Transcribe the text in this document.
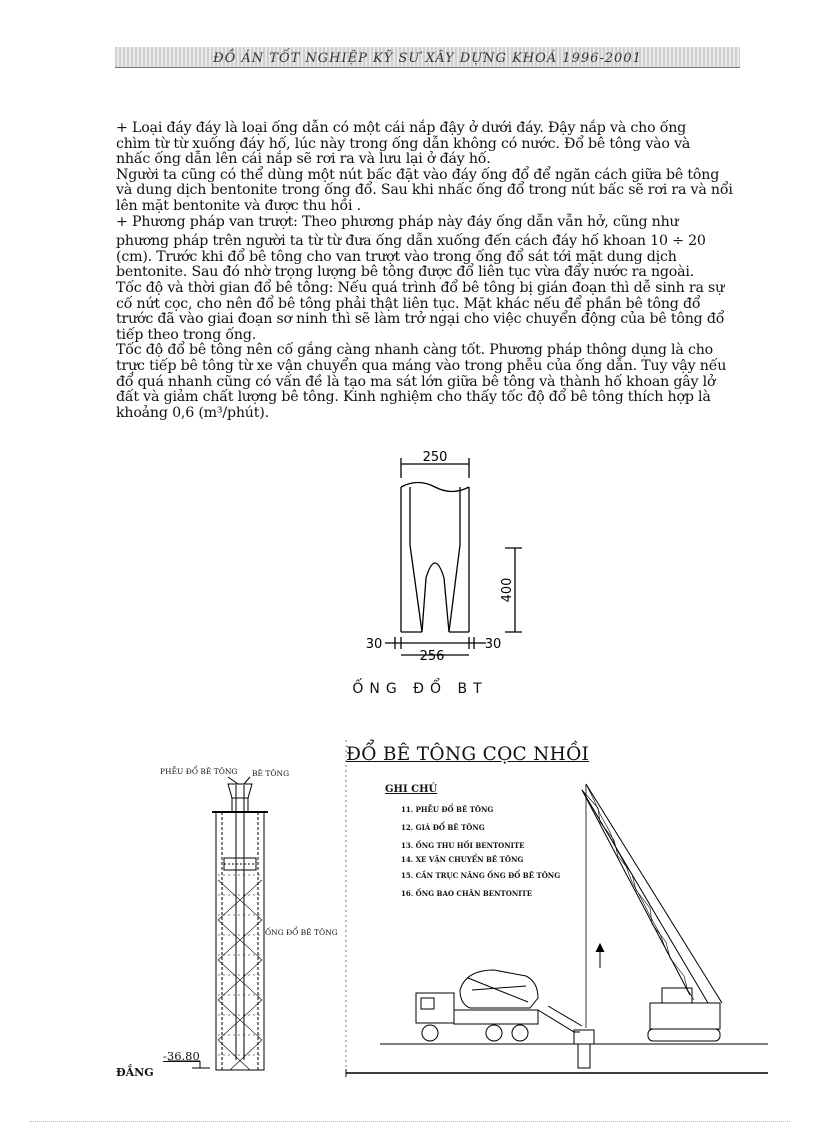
ĐỒ ÁN TỐT NGHIỆP KỸ SƯ XÂY DỰNG KHOÁ 1996-2001

+ Loại đáy đáy là loại ống dẫn có một cái nắp đậy ở dưới đáy. Đậy nắp và cho ống

chìm từ từ xuống đáy hố, lúc này trong ống dẫn không có nước. Đổ bê tông vào và

nhấc ống dẫn lên cái nắp sẽ rơi ra và lưu lại ở đáy hố.

Người ta cũng có thể dùng một nút bấc đặt vào đáy ống đổ để ngăn cách giữa bê tông

và dung dịch bentonite trong ống đổ. Sau khi nhấc ống đổ trong nút bấc sẽ rơi ra và nổi

lên mặt bentonite và được thu hồi .

+ Phương pháp van trượt: Theo phương pháp này đáy ống dẫn vẫn hở, cũng như

phương pháp trên người ta từ từ đưa ống dẫn xuống đến cách đáy hố khoan 10 ÷ 20

(cm). Trước khi đổ bê tông cho van trượt vào trong ống đổ sát tới mặt dung dịch

bentonite. Sau đó nhờ trọng lượng bê tông được đổ liên tục vừa đẩy nước ra ngoài.

Tốc độ và thời gian đổ bê tông: Nếu quá trình đổ bê tông bị gián đoạn thì dễ sinh ra sự

cố nứt cọc, cho nên đổ bê tông phải thật liên tục. Mặt khác nếu để phần bê tông đổ

trước đã vào giai đoạn sơ ninh thì sẽ làm trở ngại cho việc chuyển động của bê tông đổ

tiếp theo trong ống.

Tốc độ đổ bê tông nên cố gắng càng nhanh càng tốt. Phương pháp thông dụng là cho

trực tiếp bê tông từ xe vận chuyển qua máng vào trong phễu của ống dẫn. Tuy vậy nếu

đổ quá nhanh cũng có vấn đề là tạo ma sát lớn giữa bê tông và thành hố khoan gây lở

đất và giảm chất lượng bê tông. Kinh nghiệm cho thấy tốc độ đổ bê tông thích hợp là

khoảng 0,6 (m³/phút).

250
400
30	30
256
ỐNG ĐỔ BT
PHỄU ĐỔ BÊ TÔNG BÊ TÔNG
ỐNG ĐỔ BÊ TÔNG
-36.80
ĐỔ BÊ TÔNG CỌC NHỒI
GHI CHÚ
11. PHỄU ĐỔ BÊ TÔNG
12. GIÁ ĐỔ BÊ TÔNG
13. ỐNG THU HỒI BENTONITE
14. XE VẬN CHUYỂN BÊ TÔNG
15. CẦN TRỤC NÂNG ỐNG ĐỔ BÊ TÔNG
16. ỐNG BAO CHÂN BENTONITE
ĐẮNG
